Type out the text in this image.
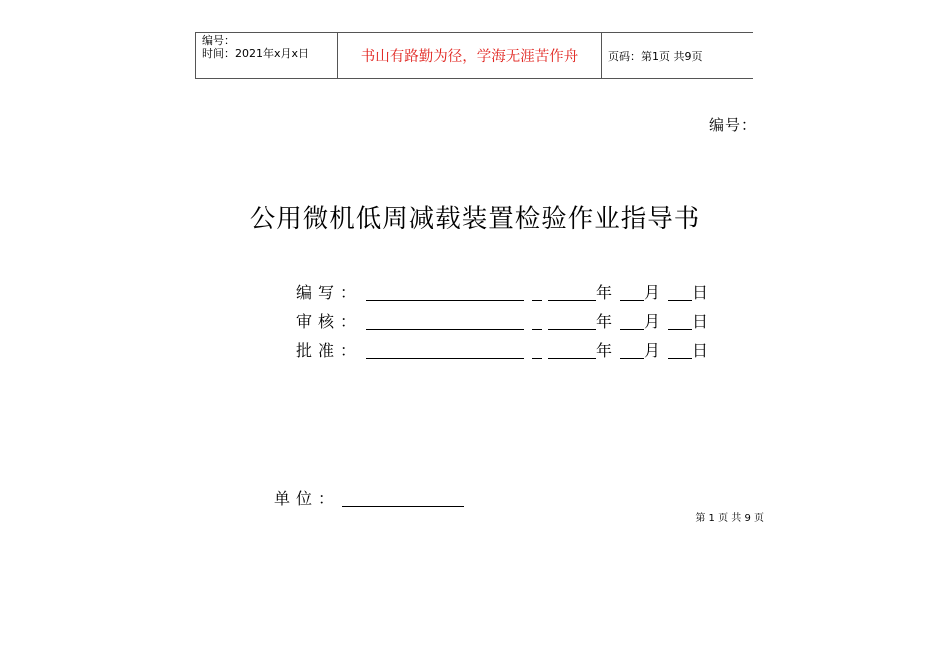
编号：
时间：2021年x月x日	书山有路勤为径，学海无涯苦作舟	页码：第1页 共9页
编号：
公用微机低周减载装置检验作业指导书
编写：	年 月 日
审核：	年 月 日
批准：	年 月 日
单位：
第 1 页 共 9 页
